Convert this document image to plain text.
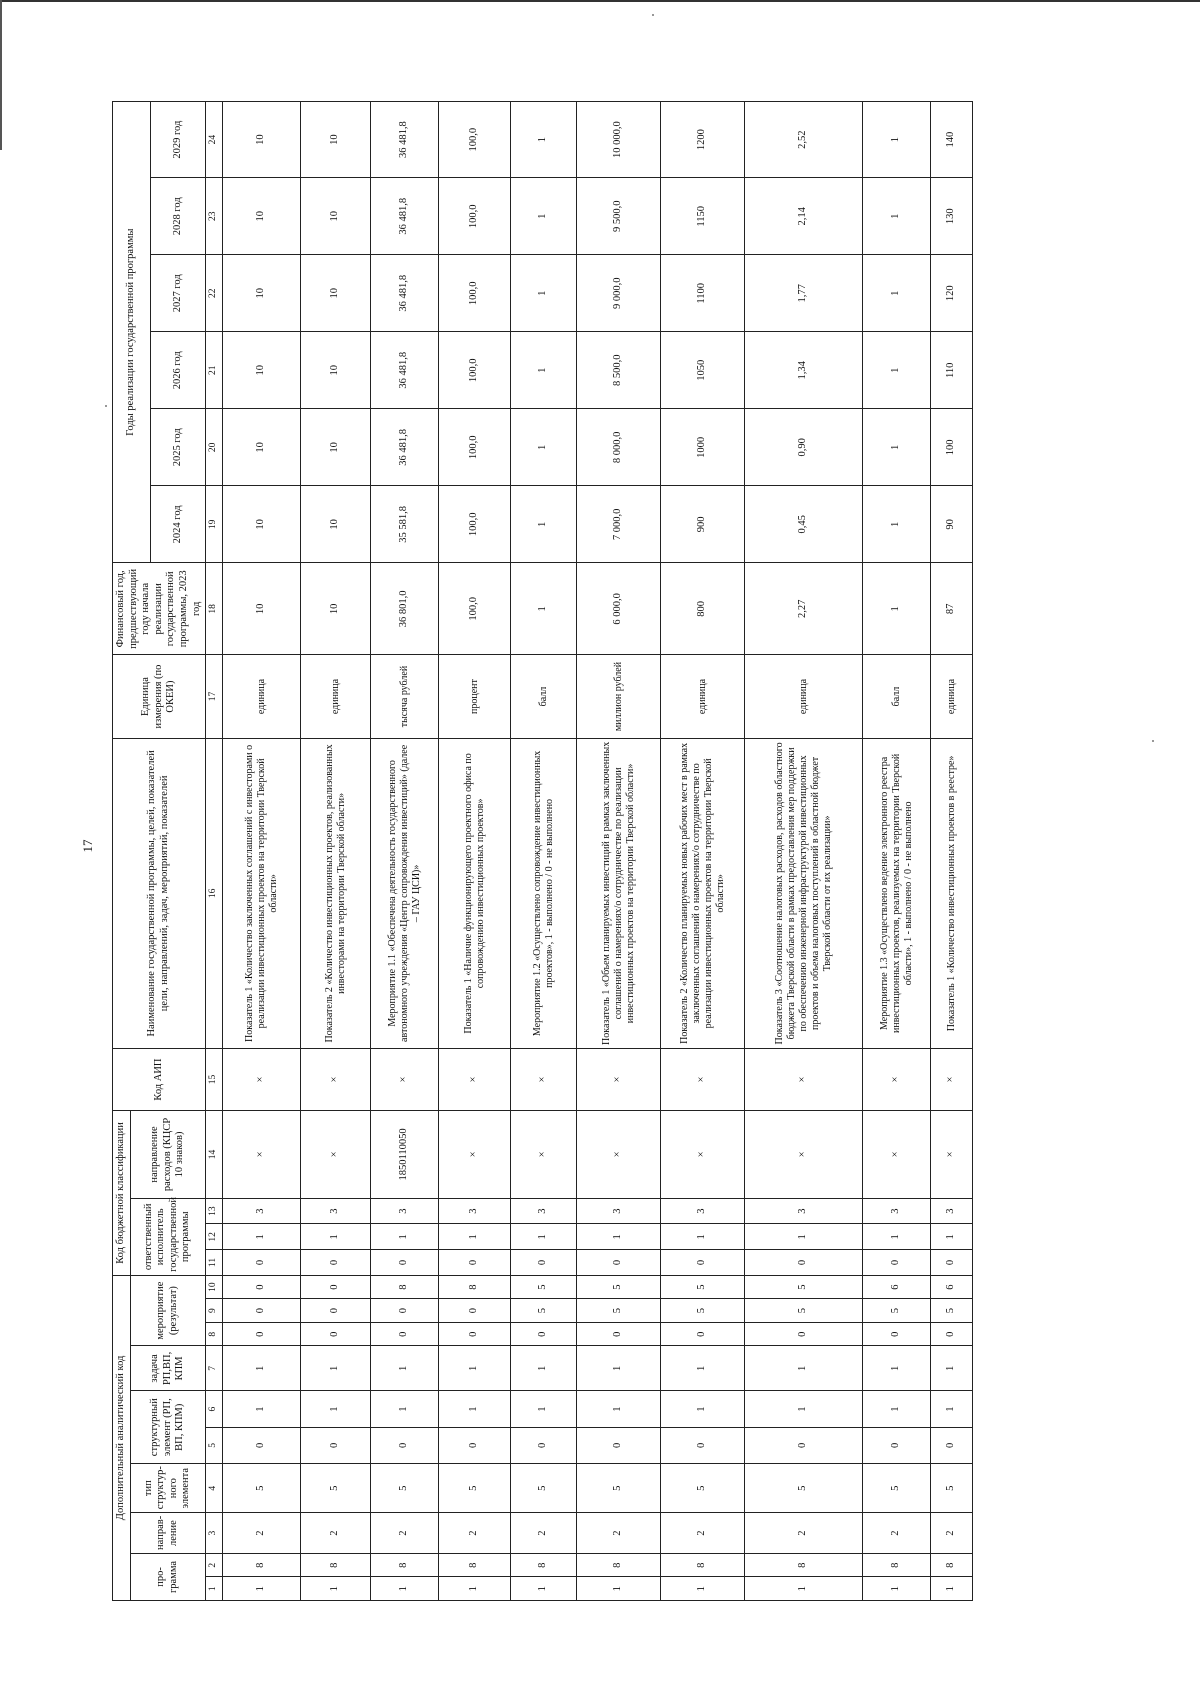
17
Дополнительный аналитический код										Код бюджетной классификации				Код АИП	Наименование государственной программы, целей, показателей цели, направлений, задач, мероприятий, показателей	Единица измерения (по ОКЕИ)	Финансовый год, предшествующий году начала реализации государственной программы, 2023 год	Годы реализации государственной программы					
про-грамма		направ-ление	тип структур-ного элемента	структурный элемент (РП, ВП, КПМ)		задача РП,ВП, КПМ	мероприятие (результат)			ответственный исполнитель государственной программы			направление расходов (КЦСР 10 знаков)										
																		2024 год	2025 год	2026 год	2027 год	2028 год	2029 год
1	2	3	4	5	6	7	8	9	10	11	12	13	14	15	16	17	18	19	20	21	22	23	24
1	8	2	5	0	1	1	0	0	0	0	1	3	×	×	Показатель 1 «Количество заключенных соглашений с инвесторами о реализации инвестиционных проектов на территории Тверской области»	единица	10	10	10	10	10	10	10
1	8	2	5	0	1	1	0	0	0	0	1	3	×	×	Показатель 2 «Количество инвестиционных проектов, реализованных инвесторами на территории Тверской области»	единица	10	10	10	10	10	10	10
1	8	2	5	0	1	1	0	0	8	0	1	3	1850110050	×	Мероприятие 1.1 «Обеспечена деятельность государственного автономного учреждения «Центр сопровождения инвестиций» (далее – ГАУ ЦСИ)»	тысяча рублей	36 801,0	35 581,8	36 481,8	36 481,8	36 481,8	36 481,8	36 481,8
1	8	2	5	0	1	1	0	0	8	0	1	3	×	×	Показатель 1 «Наличие функционирующего проектного офиса по сопровождению инвестиционных проектов»	процент	100,0	100,0	100,0	100,0	100,0	100,0	100,0
1	8	2	5	0	1	1	0	5	5	0	1	3	×	×	Мероприятие 1.2 «Осуществлено сопровождение инвестиционных проектов», 1 - выполнено / 0 - не выполнено	балл	1	1	1	1	1	1	1
1	8	2	5	0	1	1	0	5	5	0	1	3	×	×	Показатель 1 «Объем планируемых инвестиций в рамках заключенных соглашений о намерениях/о сотрудничестве по реализации инвестиционных проектов на территории Тверской области»	миллион рублей	6 000,0	7 000,0	8 000,0	8 500,0	9 000,0	9 500,0	10 000,0
1	8	2	5	0	1	1	0	5	5	0	1	3	×	×	Показатель 2 «Количество планируемых новых рабочих мест в рамках заключенных соглашений о намерениях/о сотрудничестве по реализации инвестиционных проектов на территории Тверской области»	единица	800	900	1000	1050	1100	1150	1200
1	8	2	5	0	1	1	0	5	5	0	1	3	×	×	Показатель 3 «Соотношение налоговых расходов, расходов областного бюджета Тверской области в рамках предоставления мер поддержки по обеспечению инженерной инфраструктурой инвестиционных проектов и объема налоговых поступлений в областной бюджет Тверской области от их реализации»	единица	2,27	0,45	0,90	1,34	1,77	2,14	2,52
1	8	2	5	0	1	1	0	5	6	0	1	3	×	×	Мероприятие 1.3 «Осуществлено ведение электронного реестра инвестиционных проектов, реализуемых на территории Тверской области», 1 - выполнено / 0 - не выполнено	балл	1	1	1	1	1	1	1
1	8	2	5	0	1	1	0	5	6	0	1	3	×	×	Показатель 1 «Количество инвестиционных проектов в реестре»	единица	87	90	100	110	120	130	140
